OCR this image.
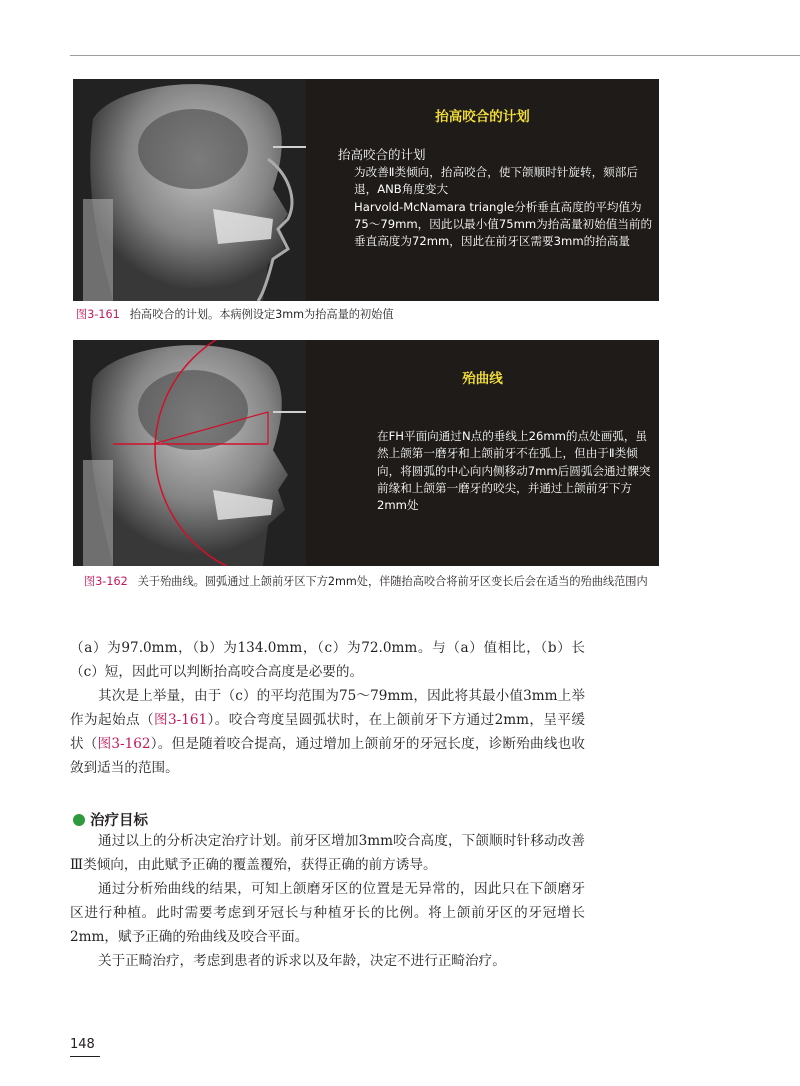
抬高咬合的计划
抬高咬合的计划
为改善Ⅱ类倾向，抬高咬合，使下颌顺时针旋转，颏部后退，ANB角度变大
Harvold-McNamara triangle分析垂直高度的平均值为75～79mm，因此以最小值75mm为抬高量初始值当前的垂直高度为72mm，因此在前牙区需要3mm的抬高量
图3-161 抬高咬合的计划。本病例设定3mm为抬高量的初始值
殆曲线
在FH平面向通过N点的垂线上26mm的点处画弧，虽然上颌第一磨牙和上颌前牙不在弧上，但由于Ⅱ类倾向，将圆弧的中心向内侧移动7mm后圆弧会通过髁突前缘和上颌第一磨牙的咬尖，并通过上颌前牙下方2mm处
图3-162 关于殆曲线。圆弧通过上颌前牙区下方2mm处，伴随抬高咬合将前牙区变长后会在适当的殆曲线范围内

（a）为97.0mm，（b）为134.0mm，（c）为72.0mm。与（a）值相比，（b）长（c）短，因此可以判断抬高咬合高度是必要的。

其次是上举量，由于（c）的平均范围为75～79mm，因此将其最小值3mm上举作为起始点（图3-161）。咬合弯度呈圆弧状时，在上颌前牙下方通过2mm，呈平缓状（图3-162）。但是随着咬合提高，通过增加上颌前牙的牙冠长度，诊断殆曲线也收敛到适当的范围。

治疗目标

通过以上的分析决定治疗计划。前牙区增加3mm咬合高度，下颌顺时针移动改善Ⅲ类倾向，由此赋予正确的覆盖覆殆，获得正确的前方诱导。

通过分析殆曲线的结果，可知上颌磨牙区的位置是无异常的，因此只在下颌磨牙区进行种植。此时需要考虑到牙冠长与种植牙长的比例。将上颌前牙区的牙冠增长2mm，赋予正确的殆曲线及咬合平面。

关于正畸治疗，考虑到患者的诉求以及年龄，决定不进行正畸治疗。

148
